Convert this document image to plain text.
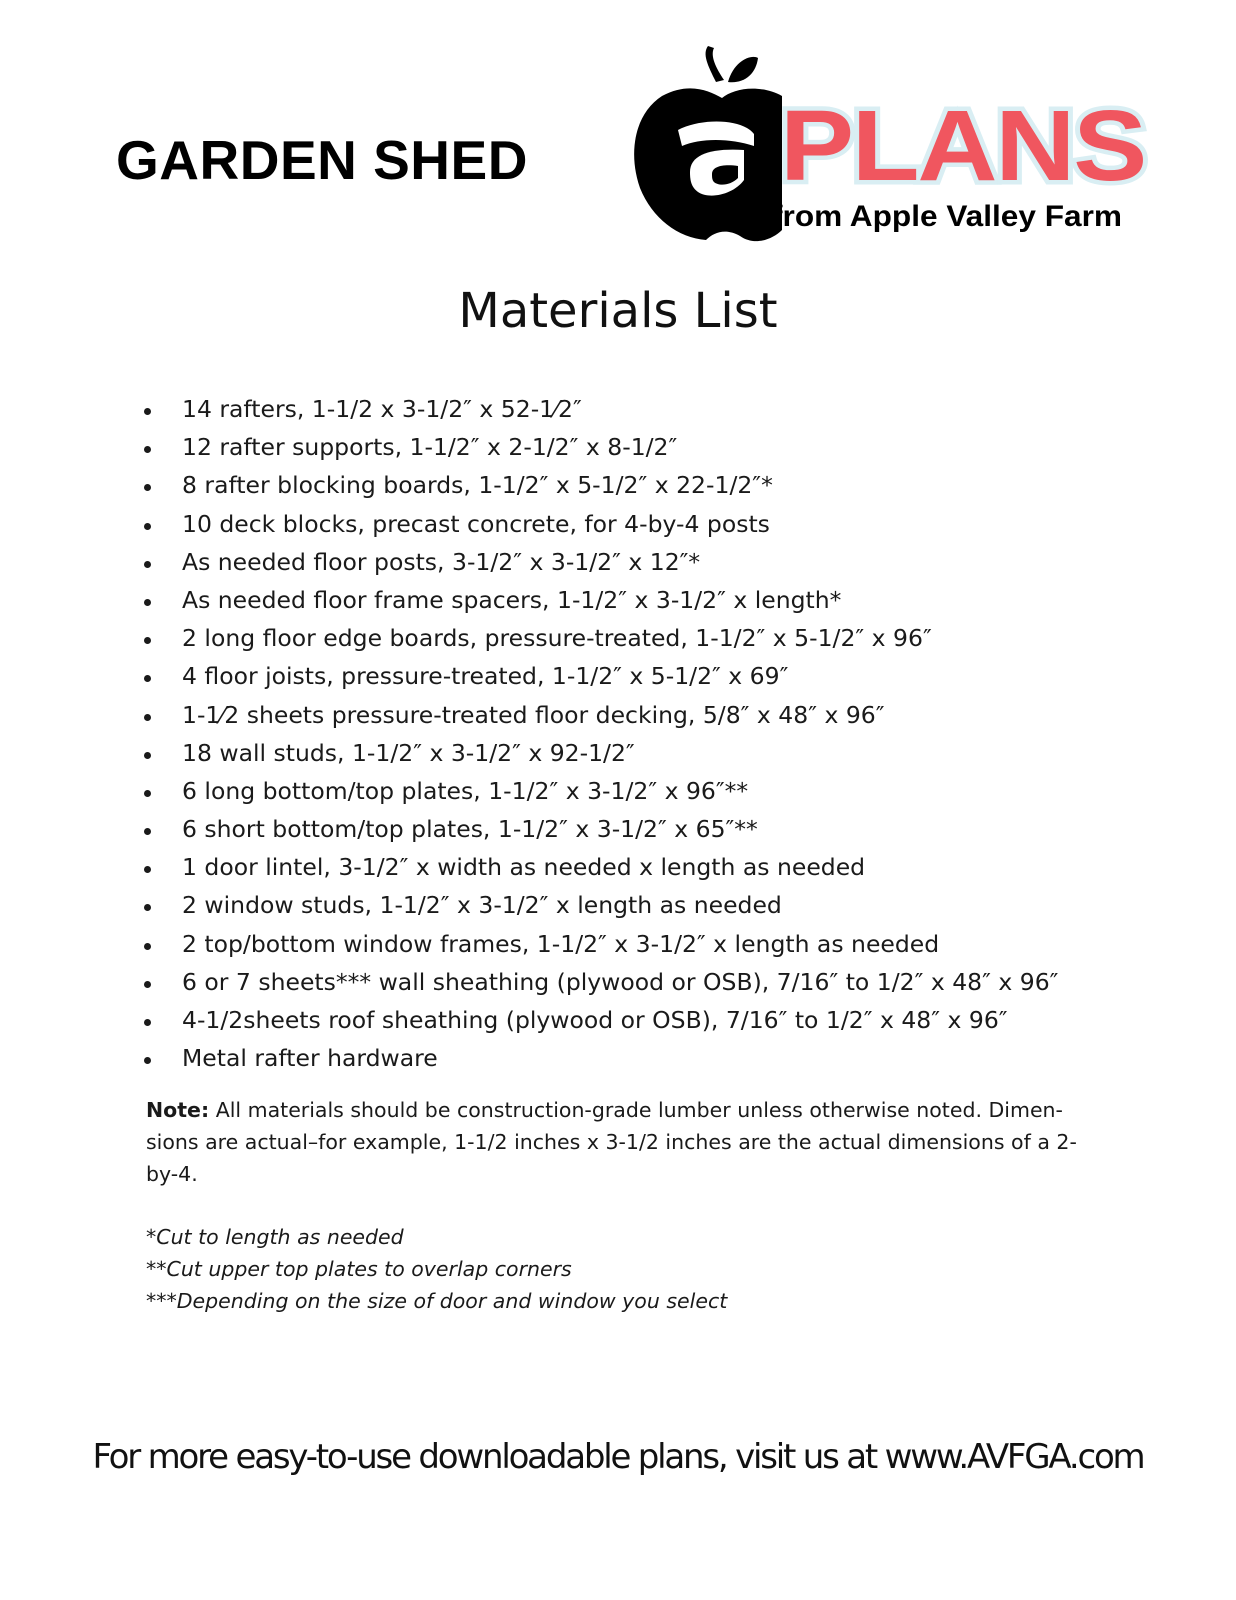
GARDEN SHED	PLANS
from Apple Valley Farm
Materials List
14 rafters, 1-1/2 x 3-1/2″ x 52-1⁄2″
12 rafter supports, 1-1/2″ x 2-1/2″ x 8-1/2″
8 rafter blocking boards, 1-1/2″ x 5-1/2″ x 22-1/2″*
10 deck blocks, precast concrete, for 4-by-4 posts
As needed floor posts, 3-1/2″ x 3-1/2″ x 12″*
As needed floor frame spacers, 1-1/2″ x 3-1/2″ x length*
2 long floor edge boards, pressure-treated, 1-1/2″ x 5-1/2″ x 96″
4 floor joists, pressure-treated, 1-1/2″ x 5-1/2″ x 69″
1-1⁄2 sheets pressure-treated floor decking, 5/8″ x 48″ x 96″
18 wall studs, 1-1/2″ x 3-1/2″ x 92-1/2″
6 long bottom/top plates, 1-1/2″ x 3-1/2″ x 96″**
6 short bottom/top plates, 1-1/2″ x 3-1/2″ x 65″**
1 door lintel, 3-1/2″ x width as needed x length as needed
2 window studs, 1-1/2″ x 3-1/2″ x length as needed
2 top/bottom window frames, 1-1/2″ x 3-1/2″ x length as needed
6 or 7 sheets*** wall sheathing (plywood or OSB), 7/16″ to 1/2″ x 48″ x 96″
4-1/2sheets roof sheathing (plywood or OSB), 7/16″ to 1/2″ x 48″ x 96″
Metal rafter hardware

Note: All materials should be construction-grade lumber unless otherwise noted. Dimen-sions are actual–for example, 1-1/2 inches x 3-1/2 inches are the actual dimensions of a 2-by-4.

*Cut to length as needed
**Cut upper top plates to overlap corners
***Depending on the size of door and window you select
For more easy-to-use downloadable plans, visit us at www.AVFGA.com
